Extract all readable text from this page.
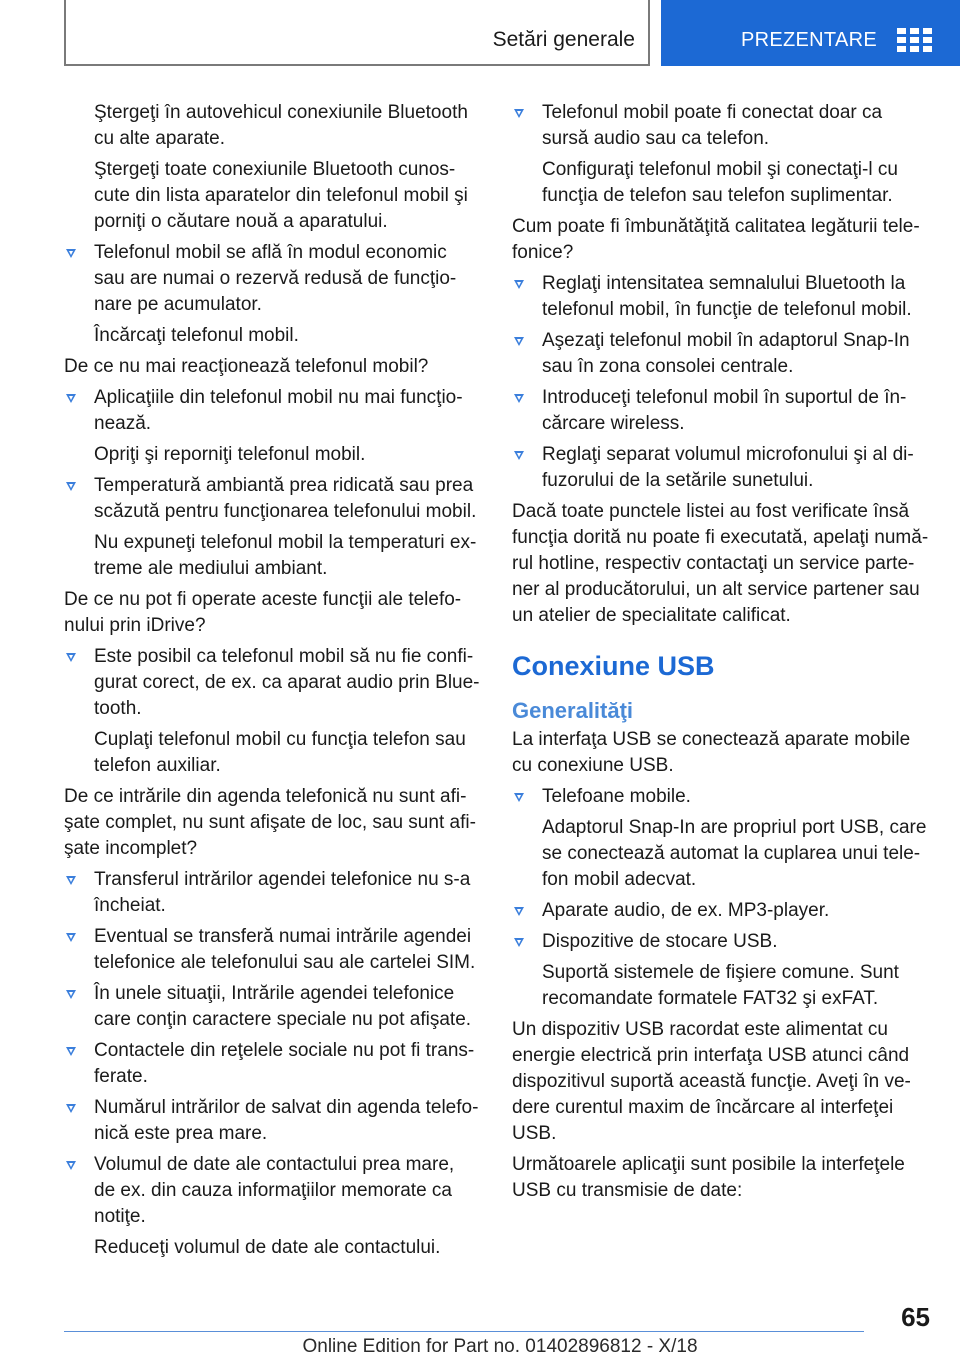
Setări generale	PREZENTARE

Ştergeţi în autovehicul conexiunile Bluetooth cu alte aparate.

Ştergeţi toate conexiunile Bluetooth cunos-cute din lista aparatelor din telefonul mobil şi porniţi o căutare nouă a aparatului.

Telefonul mobil se află în modul economic sau are numai o rezervă redusă de funcţio-nare pe acumulator.

Încărcaţi telefonul mobil.

De ce nu mai reacţionează telefonul mobil?

Aplicaţiile din telefonul mobil nu mai funcţio-nează.

Opriţi şi reporniţi telefonul mobil.

Temperatură ambiantă prea ridicată sau prea scăzută pentru funcţionarea telefonului mobil.

Nu expuneţi telefonul mobil la temperaturi ex-treme ale mediului ambiant.

De ce nu pot fi operate aceste funcţii ale telefo-nului prin iDrive?

Este posibil ca telefonul mobil să nu fie confi-gurat corect, de ex. ca aparat audio prin Blue-tooth.

Cuplaţi telefonul mobil cu funcţia telefon sau telefon auxiliar.

De ce intrările din agenda telefonică nu sunt afi-şate complet, nu sunt afişate de loc, sau sunt afi-şate incomplet?

Transferul intrărilor agendei telefonice nu s-a încheiat.
Eventual se transferă numai intrările agendei telefonice ale telefonului sau ale cartelei SIM.
În unele situaţii, Intrările agendei telefonice care conţin caractere speciale nu pot afişate.
Contactele din reţelele sociale nu pot fi trans-ferate.
Numărul intrărilor de salvat din agenda telefo-nică este prea mare.
Volumul de date ale contactului prea mare, de ex. din cauza informaţiilor memorate ca notiţe.

Reduceţi volumul de date ale contactului.

Telefonul mobil poate fi conectat doar ca sursă audio sau ca telefon.

Configuraţi telefonul mobil şi conectaţi-l cu funcţia de telefon sau telefon suplimentar.

Cum poate fi îmbunătăţită calitatea legăturii tele-fonice?

Reglaţi intensitatea semnalului Bluetooth la telefonul mobil, în funcţie de telefonul mobil.
Aşezaţi telefonul mobil în adaptorul Snap-In sau în zona consolei centrale.
Introduceţi telefonul mobil în suportul de în-cărcare wireless.
Reglaţi separat volumul microfonului şi al di-fuzorului de la setările sunetului.

Dacă toate punctele listei au fost verificate însă funcţia dorită nu poate fi executată, apelaţi numă-rul hotline, respectiv contactaţi un service parte-ner al producătorului, un alt service partener sau un atelier de specialitate calificat.

Conexiune USB
Generalităţi

La interfaţa USB se conectează aparate mobile cu conexiune USB.

Telefoane mobile.

Adaptorul Snap-In are propriul port USB, care se conectează automat la cuplarea unui tele-fon mobil adecvat.

Aparate audio, de ex. MP3-player.
Dispozitive de stocare USB.

Suportă sistemele de fişiere comune. Sunt recomandate formatele FAT32 şi exFAT.

Un dispozitiv USB racordat este alimentat cu energie electrică prin interfaţa USB atunci când dispozitivul suportă această funcţie. Aveţi în ve-dere curentul maxim de încărcare al interfeţei USB.

Următoarele aplicaţii sunt posibile la interfeţele USB cu transmisie de date:

65
Online Edition for Part no. 01402896812 - X/18
